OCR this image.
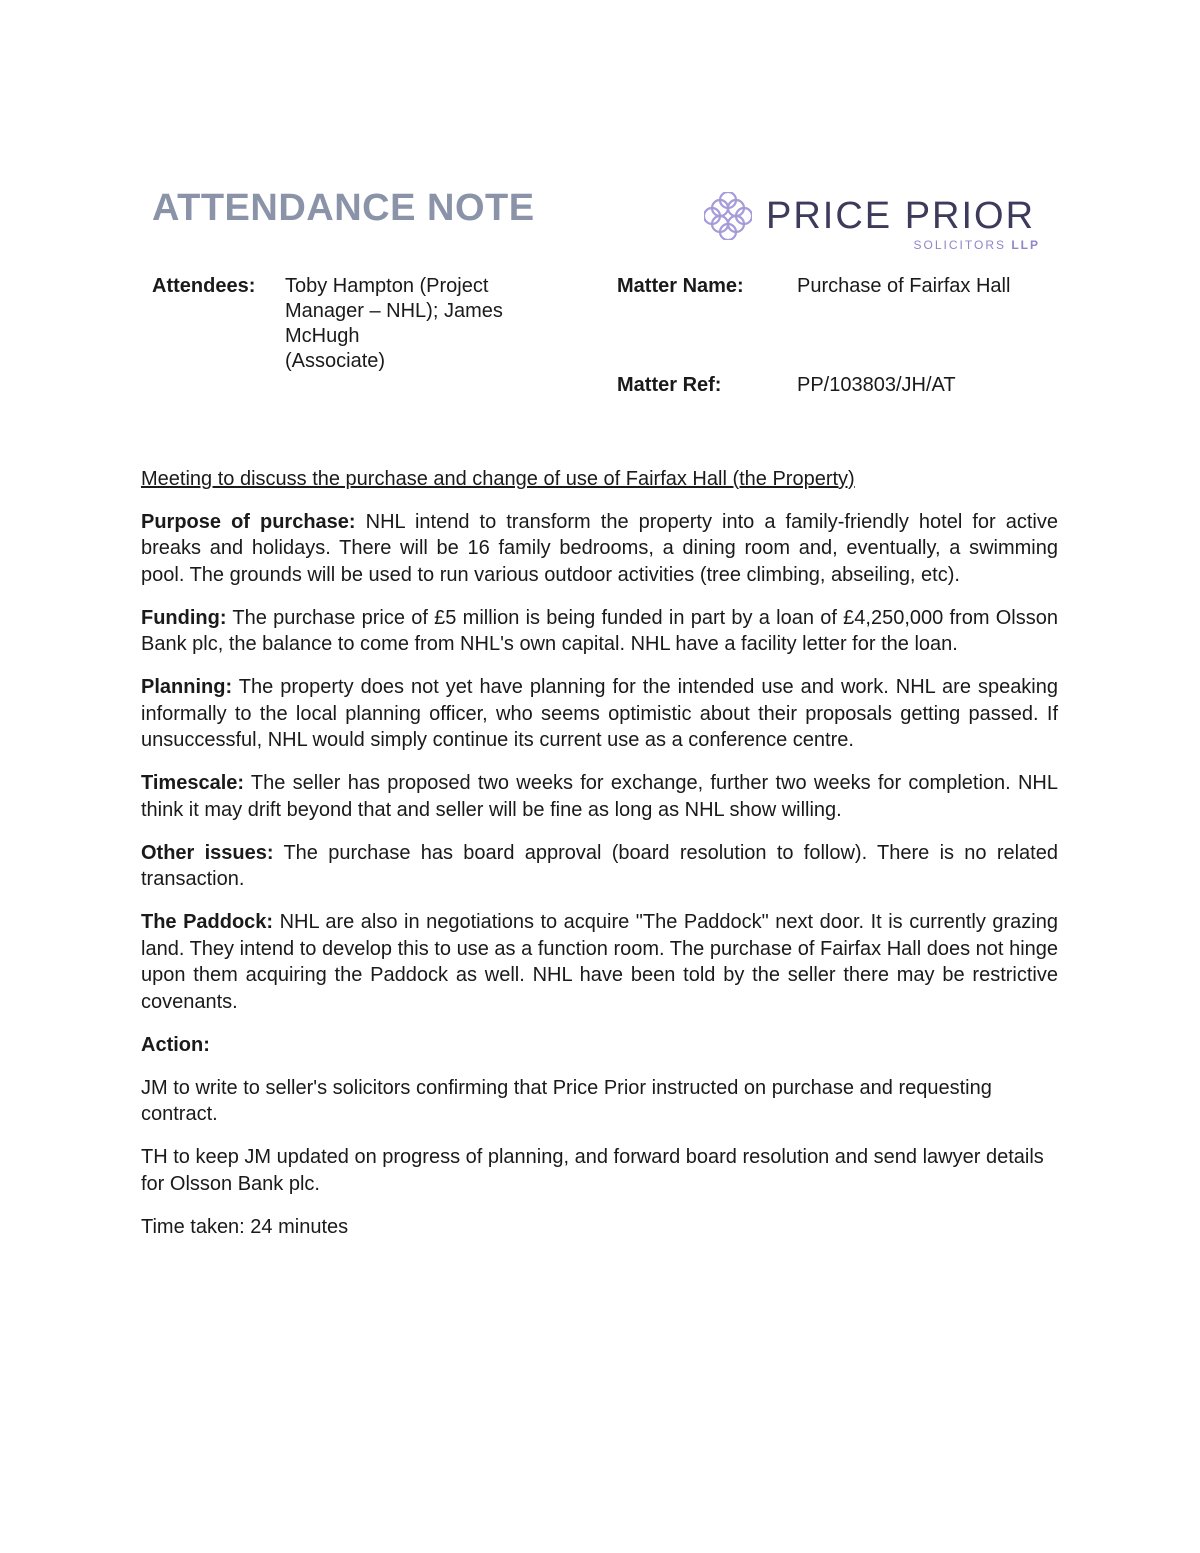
ATTENDANCE NOTE	PRICE PRIOR
SOLICITORS LLP
Attendees: Toby Hampton (Project
Manager – NHL); James
McHugh
(Associate)
Matter Name:	Purchase of Fairfax Hall
Matter Ref:	PP/103803/JH/AT

Meeting to discuss the purchase and change of use of Fairfax Hall (the Property)

Purpose of purchase: NHL intend to transform the property into a family-friendly hotel for active breaks and holidays. There will be 16 family bedrooms, a dining room and, eventually, a swimming pool. The grounds will be used to run various outdoor activities (tree climbing, abseiling, etc).

Funding: The purchase price of £5 million is being funded in part by a loan of £4,250,000 from Olsson Bank plc, the balance to come from NHL's own capital. NHL have a facility letter for the loan.

Planning: The property does not yet have planning for the intended use and work. NHL are speaking informally to the local planning officer, who seems optimistic about their proposals getting passed. If unsuccessful, NHL would simply continue its current use as a conference centre.

Timescale: The seller has proposed two weeks for exchange, further two weeks for completion. NHL think it may drift beyond that and seller will be fine as long as NHL show willing.

Other issues: The purchase has board approval (board resolution to follow). There is no related transaction.

The Paddock: NHL are also in negotiations to acquire "The Paddock" next door. It is currently grazing land. They intend to develop this to use as a function room. The purchase of Fairfax Hall does not hinge upon them acquiring the Paddock as well. NHL have been told by the seller there may be restrictive covenants.

Action:

JM to write to seller's solicitors confirming that Price Prior instructed on purchase and requesting contract.

TH to keep JM updated on progress of planning, and forward board resolution and send lawyer details for Olsson Bank plc.

Time taken: 24 minutes
